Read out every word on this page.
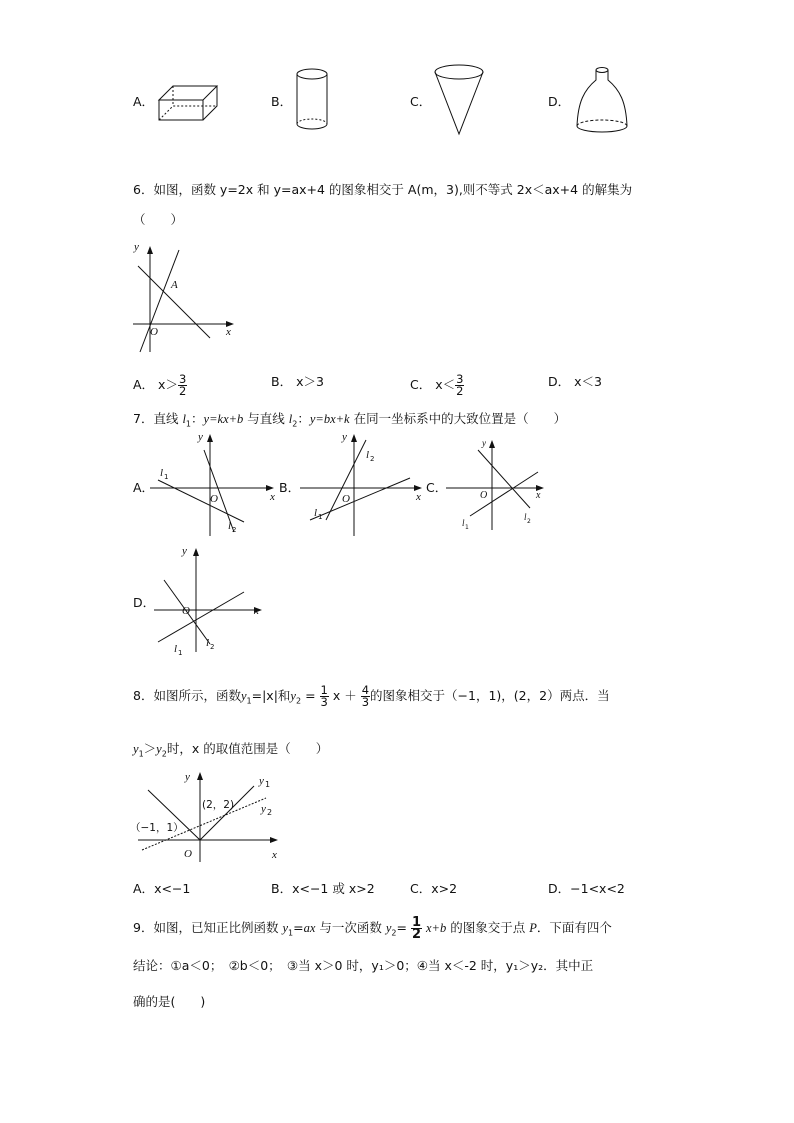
A．	B．	C．	D．
6．如图，函数 y=2x 和 y=ax+4 的图象相交于 A(m，3),则不等式 2x＜ax+4 的解集为
（　　）
y
x
A
O
A． $x> \frac{3}{2}$	B． x＞3	C． $x< \frac{3}{2}$	D． x＜3
7．直线 $l_1$：y=kx+b 与直线 $l_2$：y=bx+k 在同一坐标系中的大致位置是（　　）
A．
y
x
O
l 1
l 2
B．
y
x
O
l 1
l 2
C．
y
x
O
l 1
l 2
D．
y
x
O
l 1
l 2
8．如图所示，函数$y_1=|x|$和$y_2 = \frac{1}{3}$ $x + \frac{4}{3}$ 的图象相交于（−1，1)，(2，2）两点．当
$y_1>y_2$时，x 的取值范围是（　　）
y
x
O
y 1
y 2
（−1，1）
(2，2)
A．x<−1	B．x<−1 或 x>2	C．x>2	D．−1<x<2
9．如图，已知正比例函数 $y_1=ax$ 与一次函数 $y_2= \frac{1}{2} x+b$ 的图象交于点 P．下面有四个
结论：①a＜0；　②b＜0；　③当 x＞0 时，y₁＞0；④当 x＜-2 时，y₁＞y₂．其中正
确的是(　　)
